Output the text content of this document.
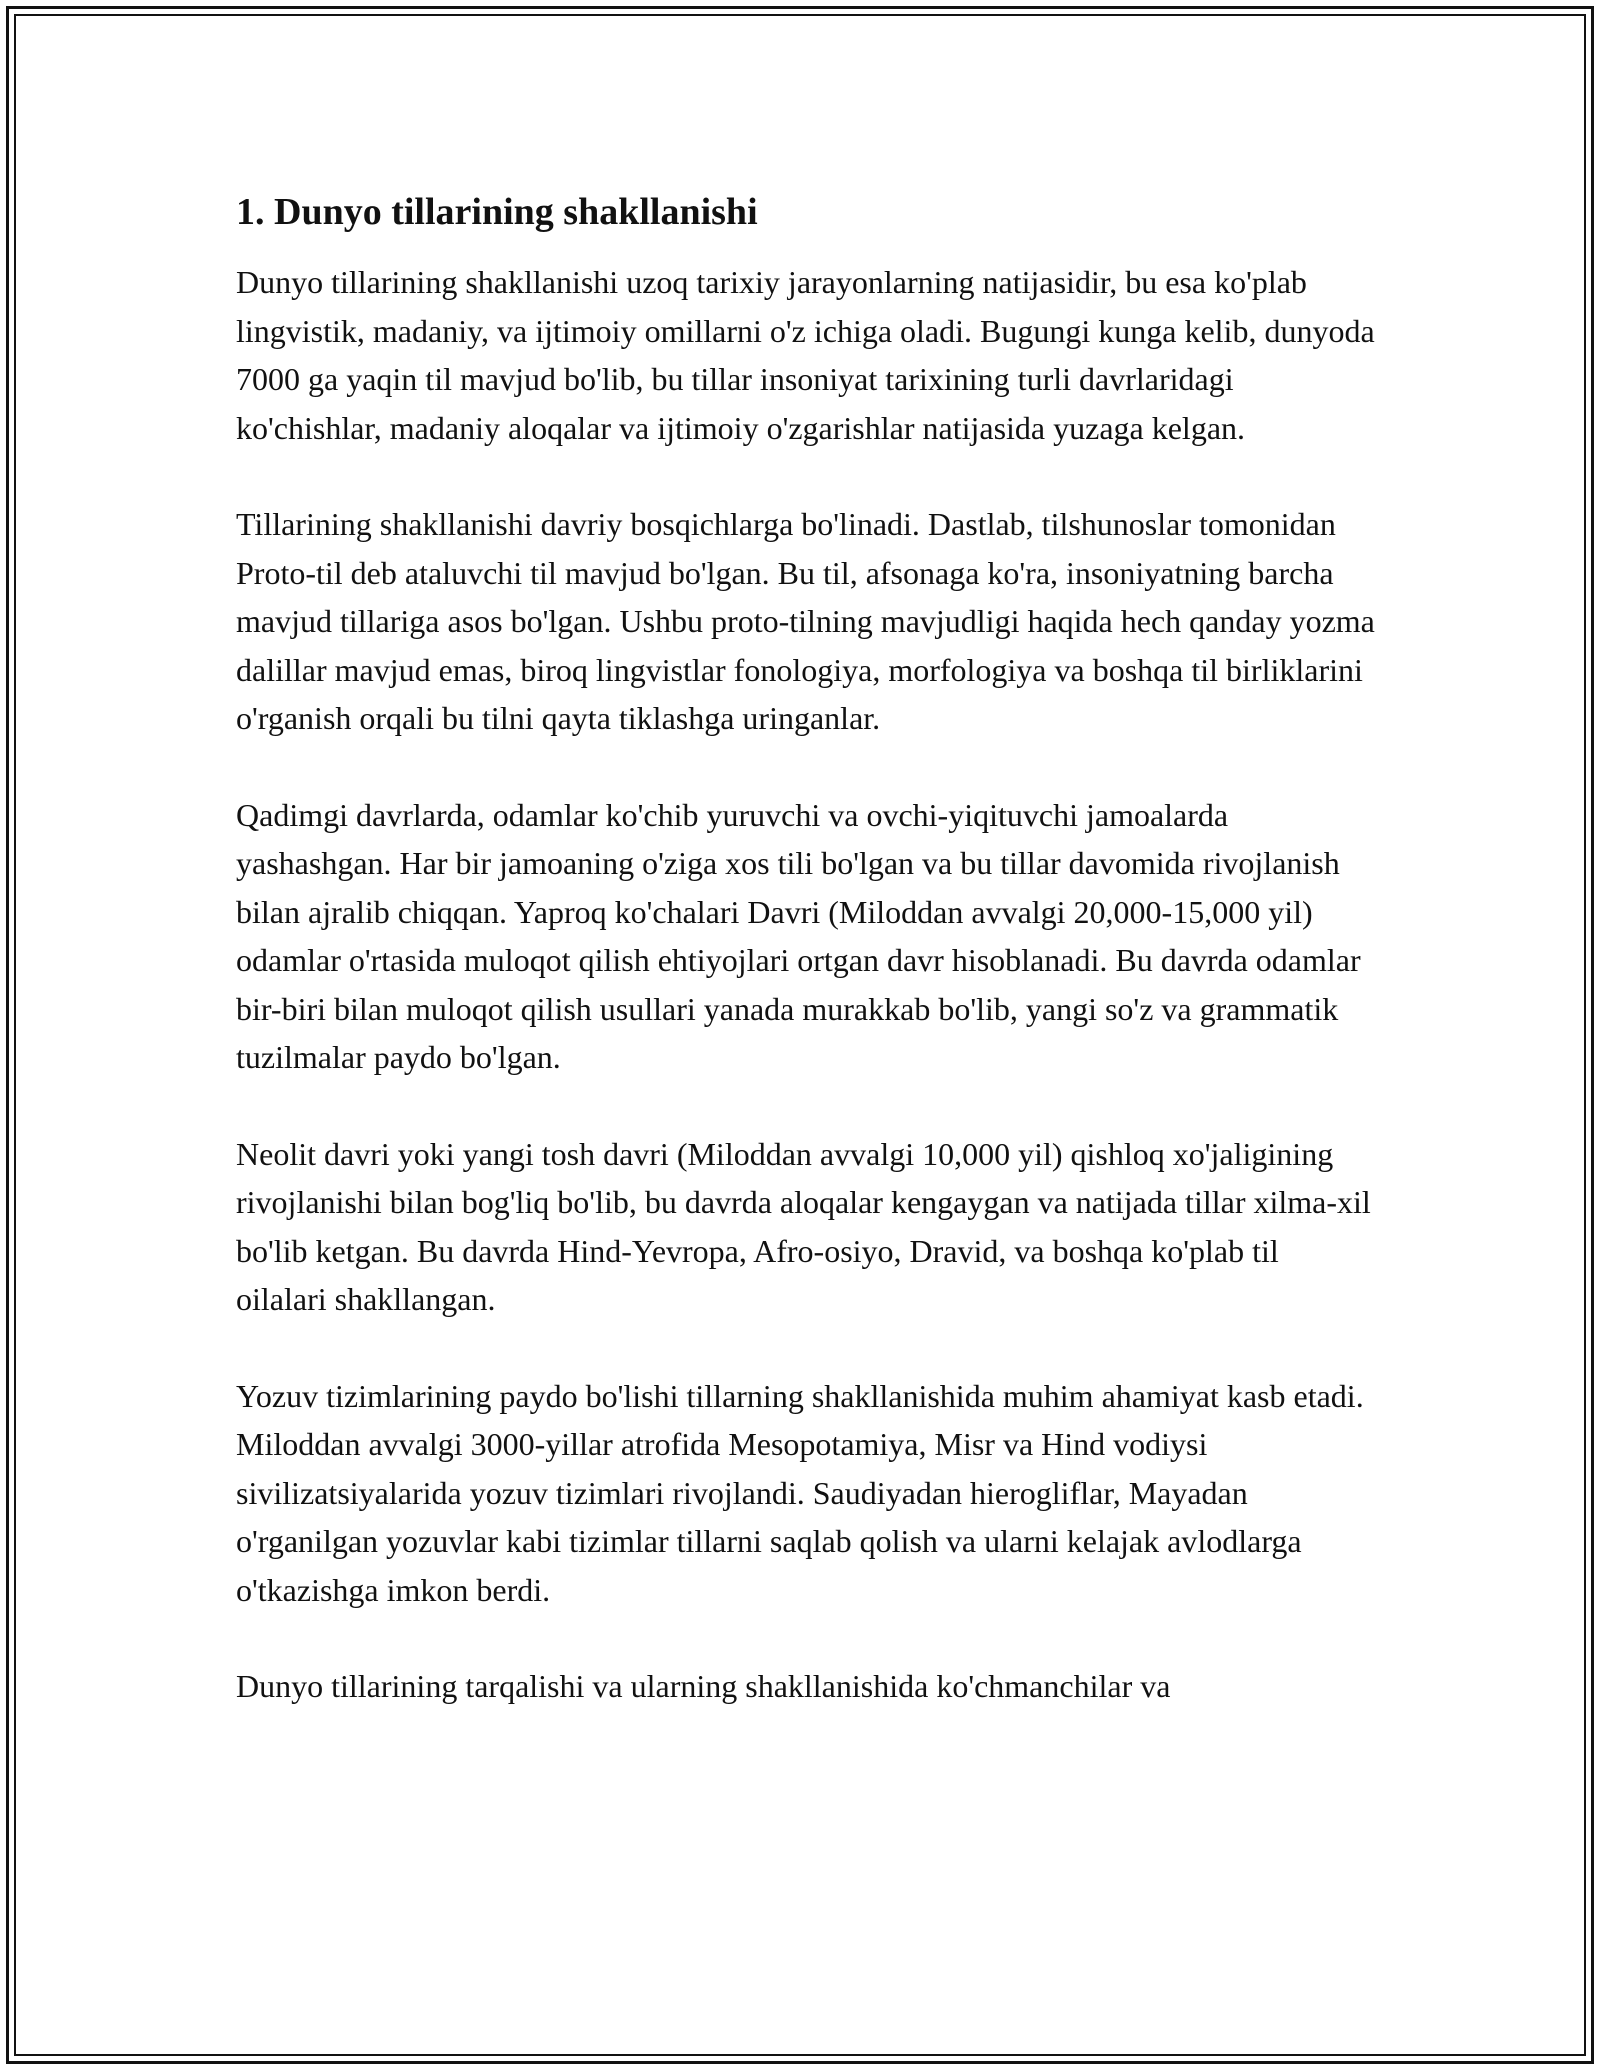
1. Dunyo tillarining shakllanishi

Dunyo tillarining shakllanishi uzoq tarixiy jarayonlarning natijasidir, bu esa ko'plab lingvistik, madaniy, va ijtimoiy omillarni o'z ichiga oladi. Bugungi kunga kelib, dunyoda 7000 ga yaqin til mavjud bo'lib, bu tillar insoniyat tarixining turli davrlaridagi ko'chishlar, madaniy aloqalar va ijtimoiy o'zgarishlar natijasida yuzaga kelgan.

Tillarining shakllanishi davriy bosqichlarga bo'linadi. Dastlab, tilshunoslar tomonidan Proto-til deb ataluvchi til mavjud bo'lgan. Bu til, afsonaga ko'ra, insoniyatning barcha mavjud tillariga asos bo'lgan. Ushbu proto-tilning mavjudligi haqida hech qanday yozma dalillar mavjud emas, biroq lingvistlar fonologiya, morfologiya va boshqa til birliklarini o'rganish orqali bu tilni qayta tiklashga uringanlar.

Qadimgi davrlarda, odamlar ko'chib yuruvchi va ovchi-yiqituvchi jamoalarda yashashgan. Har bir jamoaning o'ziga xos tili bo'lgan va bu tillar davomida rivojlanish bilan ajralib chiqqan. Yaproq ko'chalari Davri (Miloddan avvalgi 20,000-15,000 yil) odamlar o'rtasida muloqot qilish ehtiyojlari ortgan davr hisoblanadi. Bu davrda odamlar bir-biri bilan muloqot qilish usullari yanada murakkab bo'lib, yangi so'z va grammatik tuzilmalar paydo bo'lgan.

Neolit davri yoki yangi tosh davri (Miloddan avvalgi 10,000 yil) qishloq xo'jaligining rivojlanishi bilan bog'liq bo'lib, bu davrda aloqalar kengaygan va natijada tillar xilma-xil bo'lib ketgan. Bu davrda Hind-Yevropa, Afro-osiyo, Dravid, va boshqa ko'plab til oilalari shakllangan.

Yozuv tizimlarining paydo bo'lishi tillarning shakllanishida muhim ahamiyat kasb etadi. Miloddan avvalgi 3000-yillar atrofida Mesopotamiya, Misr va Hind vodiysi sivilizatsiyalarida yozuv tizimlari rivojlandi. Saudiyadan hierogliflar, Mayadan o'rganilgan yozuvlar kabi tizimlar tillarni saqlab qolish va ularni kelajak avlodlarga o'tkazishga imkon berdi.

Dunyo tillarining tarqalishi va ularning shakllanishida ko'chmanchilar va
